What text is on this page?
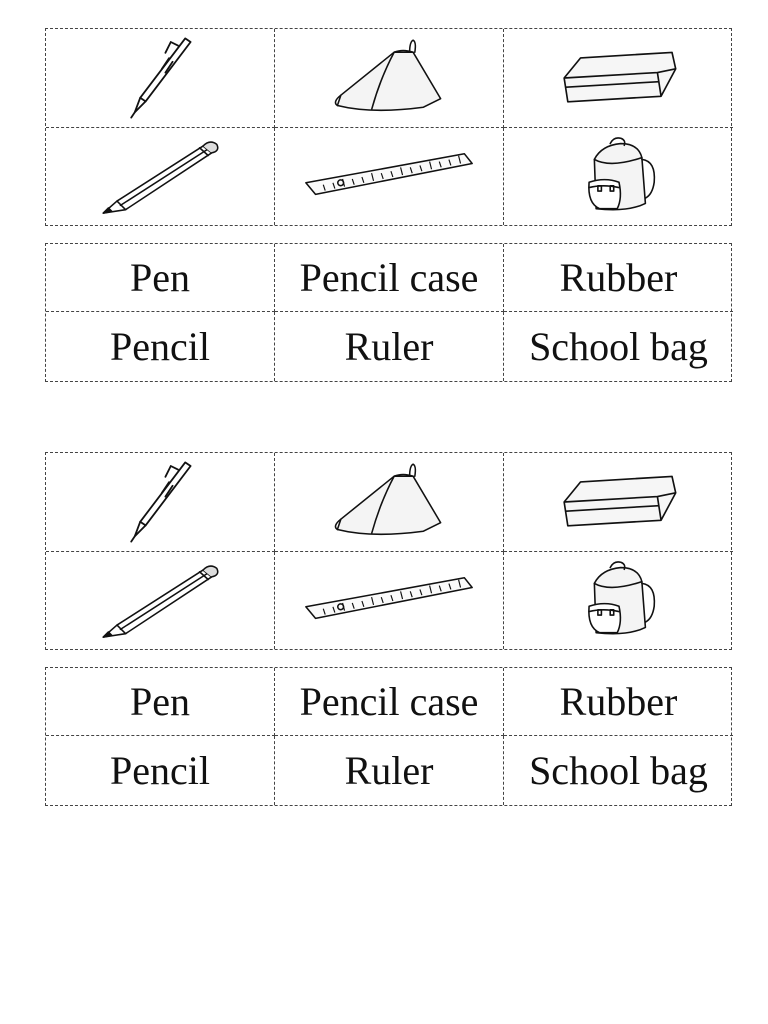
Pen	Pencil case	Rubber
Pencil	Ruler	School bag
Pen	Pencil case	Rubber
Pencil	Ruler	School bag
